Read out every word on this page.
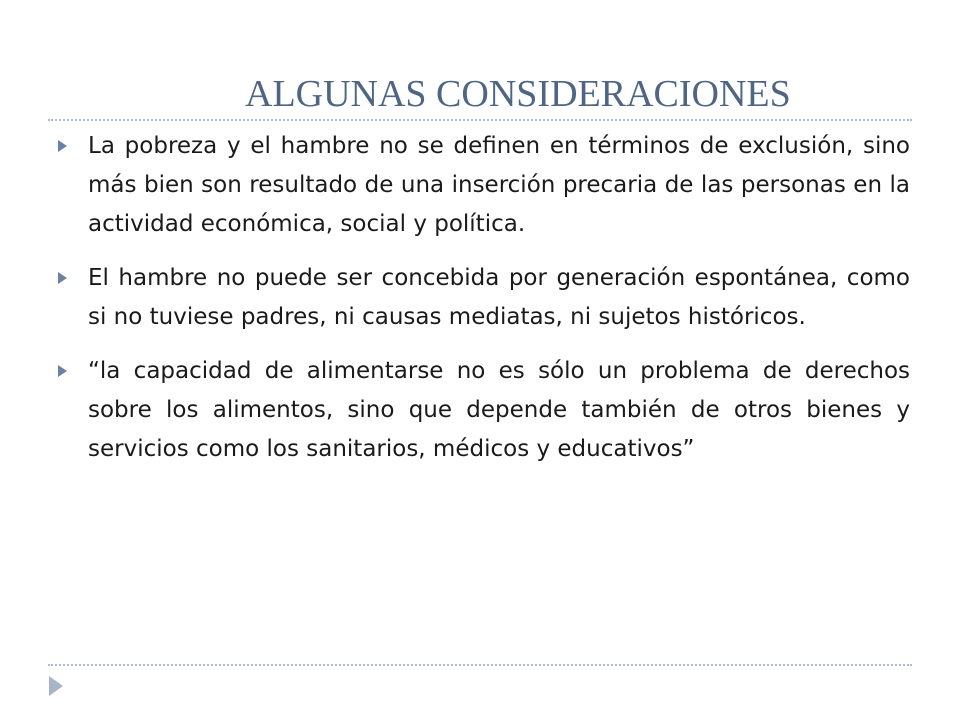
ALGUNAS CONSIDERACIONES
La pobreza y el hambre no se definen en términos de exclusión, sino más bien son resultado de una inserción precaria de las personas en la actividad económica, social y política.
El hambre no puede ser concebida por generación espontánea, como si no tuviese padres, ni causas mediatas, ni sujetos históricos.
“la capacidad de alimentarse no es sólo un problema de derechos sobre los alimentos, sino que depende también de otros bienes y servicios como los sanitarios, médicos y educativos”
